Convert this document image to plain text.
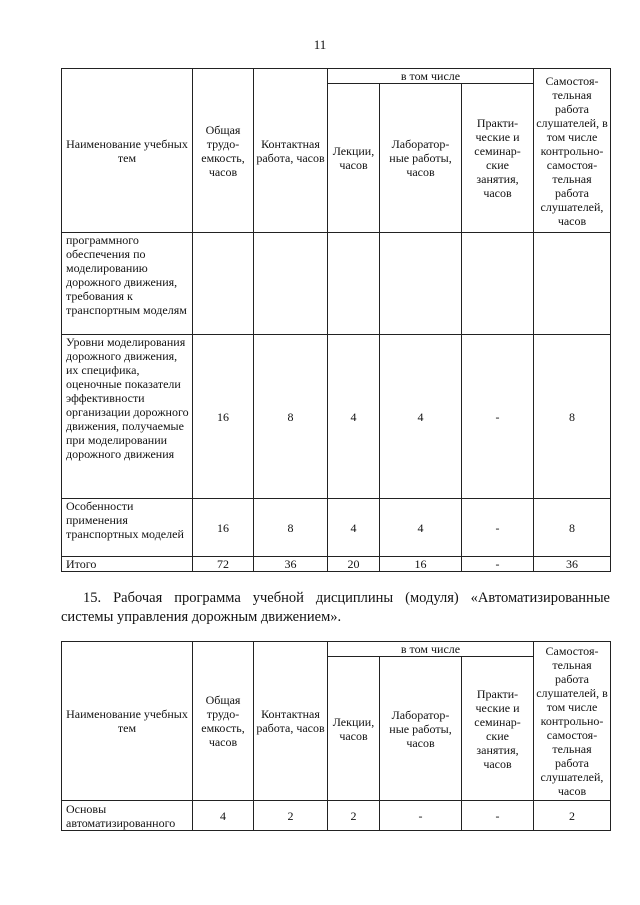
11
Наименование учебных тем	Общая трудо-емкость, часов	Контактная работа, часов	в том числе			Самостоя-тельная работа слушателей, в том числе контрольно-самостоя-тельная работа слушателей, часов
			Лекции, часов	Лаборатор-ные работы, часов	Практи-ческие и семинар-ские занятия, часов	
программного обеспечения по моделированию дорожного движения, требования к транспортным моделям						
Уровни моделирования дорожного движения, их специфика, оценочные показатели эффективности организации дорожного движения, получаемые при моделировании дорожного движения	16	8	4	4	-	8
Особенности применения транспортных моделей	16	8	4	4	-	8
Итого	72	36	20	16	-	36
15. Рабочая программа учебной дисциплины (модуля) «Автоматизированные системы управления дорожным движением».
Наименование учебных тем	Общая трудо-емкость, часов	Контактная работа, часов	в том числе			Самостоя-тельная работа слушателей, в том числе контрольно-самостоя-тельная работа слушателей, часов
			Лекции, часов	Лаборатор-ные работы, часов	Практи-ческие и семинар-ские занятия, часов	
Основы автоматизированного	4	2	2	-	-	2
